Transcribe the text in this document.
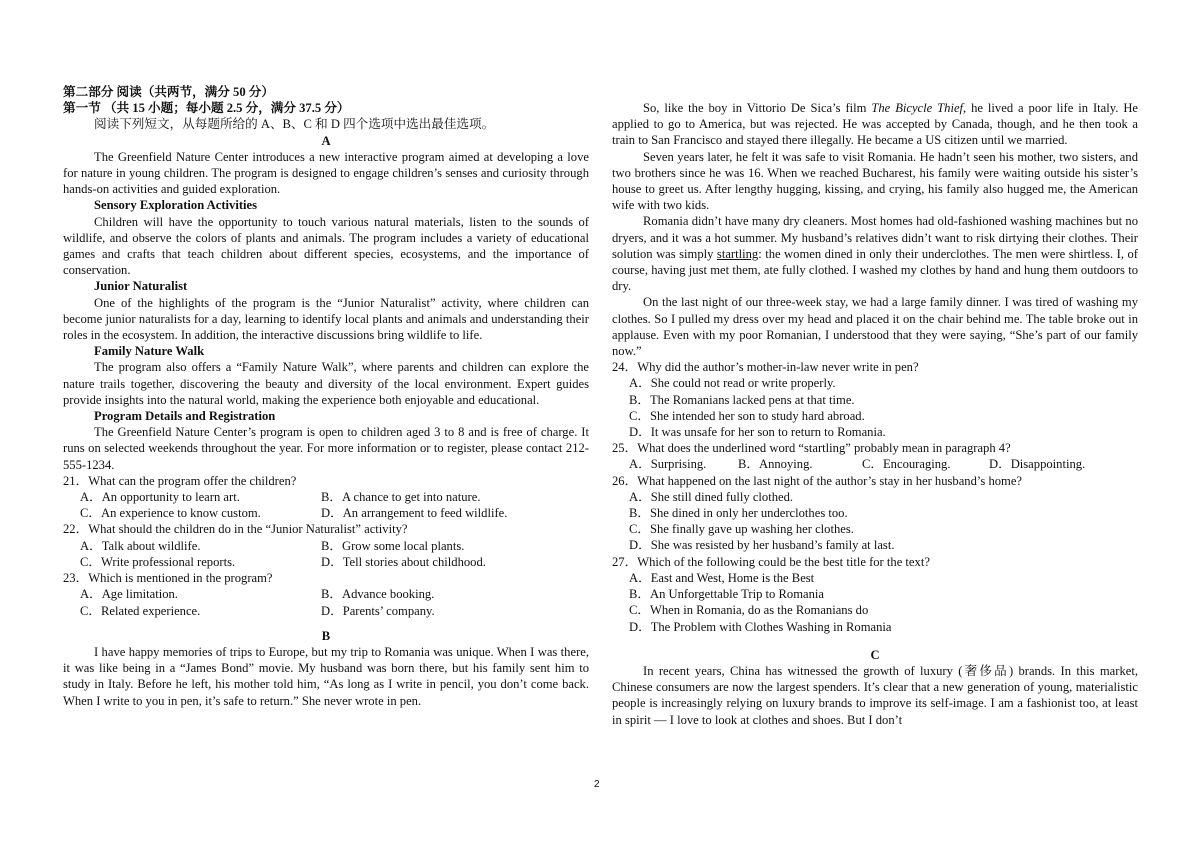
第二部分 阅读（共两节，满分 50 分）

第一节 （共 15 小题；每小题 2.5 分，满分 37.5 分）

阅读下列短文，从每题所给的 A、B、C 和 D 四个选项中选出最佳选项。

A

The Greenfield Nature Center introduces a new interactive program aimed at developing a love for nature in young children. The program is designed to engage children’s senses and curiosity through hands-on activities and guided exploration.

Sensory Exploration Activities

Children will have the opportunity to touch various natural materials, listen to the sounds of wildlife, and observe the colors of plants and animals. The program includes a variety of educational games and crafts that teach children about different species, ecosystems, and the importance of conservation.

Junior Naturalist

One of the highlights of the program is the “Junior Naturalist” activity, where children can become junior naturalists for a day, learning to identify local plants and animals and understanding their roles in the ecosystem. In addition, the interactive discussions bring wildlife to life.

Family Nature Walk

The program also offers a “Family Nature Walk”, where parents and children can explore the nature trails together, discovering the beauty and diversity of the local environment. Expert guides provide insights into the natural world, making the experience both enjoyable and educational.

Program Details and Registration

The Greenfield Nature Center’s program is open to children aged 3 to 8 and is free of charge. It runs on selected weekends throughout the year. For more information or to register, please contact 212-555-1234.

21．What can the program offer the children?

A．An opportunity to learn art.	B．A chance to get into nature.
C．An experience to know custom.	D．An arrangement to feed wildlife.

22．What should the children do in the “Junior Naturalist” activity?

A．Talk about wildlife.	B．Grow some local plants.
C．Write professional reports.	D．Tell stories about childhood.

23．Which is mentioned in the program?

A．Age limitation.	B．Advance booking.
C．Related experience.	D．Parents’ company.

B

I have happy memories of trips to Europe, but my trip to Romania was unique. When I was there, it was like being in a “James Bond” movie. My husband was born there, but his family sent him to study in Italy. Before he left, his mother told him, “As long as I write in pencil, you don’t come back. When I write to you in pen, it’s safe to return.” She never wrote in pen.

So, like the boy in Vittorio De Sica’s film The Bicycle Thief, he lived a poor life in Italy. He applied to go to America, but was rejected. He was accepted by Canada, though, and he then took a train to San Francisco and stayed there illegally. He became a US citizen until we married.

Seven years later, he felt it was safe to visit Romania. He hadn’t seen his mother, two sisters, and two brothers since he was 16. When we reached Bucharest, his family were waiting outside his sister’s house to greet us. After lengthy hugging, kissing, and crying, his family also hugged me, the American wife with two kids.

Romania didn’t have many dry cleaners. Most homes had old-fashioned washing machines but no dryers, and it was a hot summer. My husband’s relatives didn’t want to risk dirtying their clothes. Their solution was simply startling: the women dined in only their underclothes. The men were shirtless. I, of course, having just met them, ate fully clothed. I washed my clothes by hand and hung them outdoors to dry.

On the last night of our three-week stay, we had a large family dinner. I was tired of washing my clothes. So I pulled my dress over my head and placed it on the chair behind me. The table broke out in applause. Even with my poor Romanian, I understood that they were saying, “She’s part of our family now.”

24．Why did the author’s mother-in-law never write in pen?

A．She could not read or write properly.

B．The Romanians lacked pens at that time.

C．She intended her son to study hard abroad.

D．It was unsafe for her son to return to Romania.

25．What does the underlined word “startling” probably mean in paragraph 4?

A．Surprising.	B．Annoying.	C．Encouraging.	D．Disappointing.

26．What happened on the last night of the author’s stay in her husband’s home?

A．She still dined fully clothed.

B．She dined in only her underclothes too.

C．She finally gave up washing her clothes.

D．She was resisted by her husband’s family at last.

27．Which of the following could be the best title for the text?

A．East and West, Home is the Best

B．An Unforgettable Trip to Romania

C．When in Romania, do as the Romanians do

D．The Problem with Clothes Washing in Romania

C

In recent years, China has witnessed the growth of luxury (奢侈品) brands. In this market, Chinese consumers are now the largest spenders. It’s clear that a new generation of young, materialistic people is increasingly relying on luxury brands to improve its self-image. I am a fashionist too, at least in spirit — I love to look at clothes and shoes. But I don’t

2
